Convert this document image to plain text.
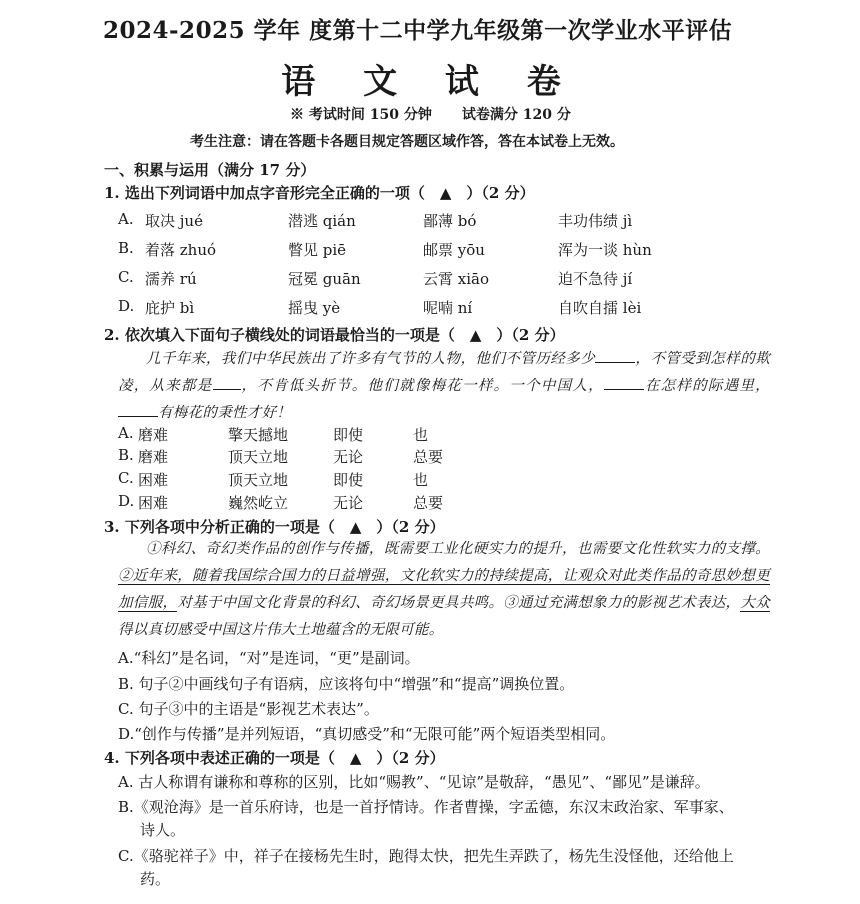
2024-2025 学年 度第十二中学九年级第一次学业水平评估
语 文 试 卷
※ 考试时间 150 分钟 试卷满分 120 分
考生注意：请在答题卡各题目规定答题区域作答，答在本试卷上无效。
一、积累与运用（满分 17 分）
1. 选出下列词语中加点字音形完全正确的一项（　▲　）（2 分）
A. 取决 jué	潜逃 qián	鄙薄 bó	丰功伟绩 jì
B. 着落 zhuó	瞥见 piē	邮票 yōu	浑为一谈 hùn
C. 濡养 rú	冠冕 guān	云霄 xiāo	迫不急待 jí
D. 庇护 bì	摇曳 yè	呢喃 ní	自吹自擂 lèi
2. 依次填入下面句子横线处的词语最恰当的一项是（　▲　）（2 分）
几千年来，我们中华民族出了许多有气节的人物，他们不管历经多少	，不管受到怎样的欺凌，从来都是 ，不肯低头折节。他们就像梅花一样。一个中国人，	在怎样的际遇里，有梅花的秉性才好！
A. 磨难	擎天撼地	即使	也
B. 磨难	顶天立地	无论	总要
C. 困难	顶天立地	即使	也
D. 困难	巍然屹立	无论	总要
3. 下列各项中分析正确的一项是（　▲　）（2 分）
①科幻、奇幻类作品的创作与传播，既需要工业化硬实力的提升，也需要文化性软实力的支撑。②近年来，随着我国综合国力的日益增强，文化软实力的持续提高，让观众对此类作品的奇思妙想更加信服，对基于中国文化背景的科幻、奇幻场景更具共鸣。③通过充满想象力的影视艺术表达，大众得以真切感受中国这片伟大土地蕴含的无限可能。
A.“科幻”是名词，“对”是连词，“更”是副词。
B. 句子②中画线句子有语病，应该将句中“增强”和“提高”调换位置。
C. 句子③中的主语是“影视艺术表达”。
D.“创作与传播”是并列短语，“真切感受”和“无限可能”两个短语类型相同。
4. 下列各项中表述正确的一项是（　▲　）（2 分）
A. 古人称谓有谦称和尊称的区别，比如“赐教”、“见谅”是敬辞，“愚见”、“鄙见”是谦辞。
B.《观沧海》是一首乐府诗，也是一首抒情诗。作者曹操，字孟德，东汉末政治家、军事家、
诗人。
C.《骆驼祥子》中，祥子在接杨先生时，跑得太快，把先生弄跌了，杨先生没怪他，还给他上
药。
